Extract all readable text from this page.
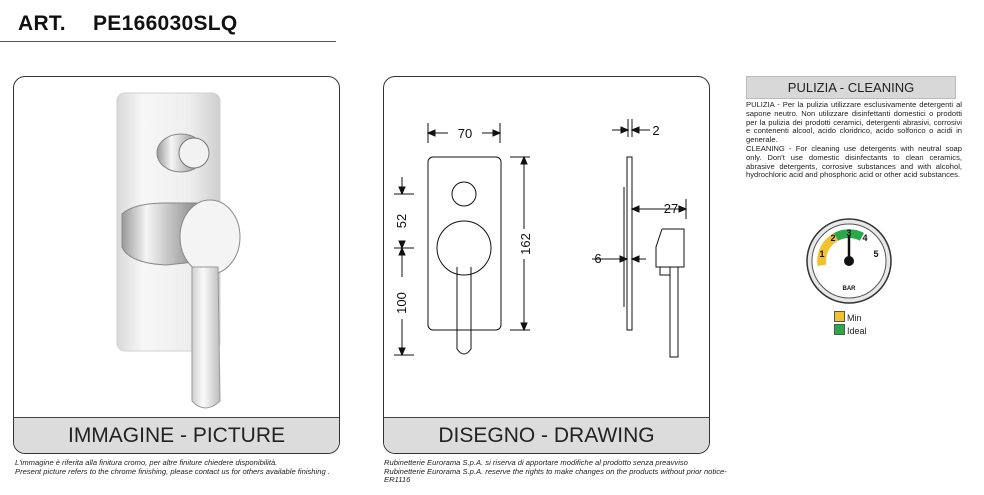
ART. PE166030SLQ
IMMAGINE - PICTURE
L'immagine è riferita alla finitura cromo, per altre finiture chiedere disponibilità.
Present picture refers to the chrome finishing, please contact us for others available finishing .
70
52
100
162
2
27
6
DISEGNO - DRAWING
Rubinetterie Eurorama S.p.A. si riserva di apportare modifiche al prodotto senza preavviso
Rubinetterie Eurorama S.p.A. reserve the rights to make changes on the products without prior notice-ER1116
PULIZIA - CLEANING
PULIZIA - Per la pulizia utilizzare esclusivamente detergenti al sapone neutro. Non utilizzare disinfettanti domestici o prodotti per la pulizia dei prodotti ceramici, detergenti abrasivi, corrosivi e contenenti alcool, acido cloridrico, acido solforico o acidi in generale.
CLEANING - For cleaning use detergents with neutral soap only. Don't use domestic disinfectants to clean ceramics, abrasive detergents, corrosive substances and with alcohol, hydrochloric acid and phosphoric acid or other acid substances.
1
2 3 4
5
BAR
Min
Ideal
